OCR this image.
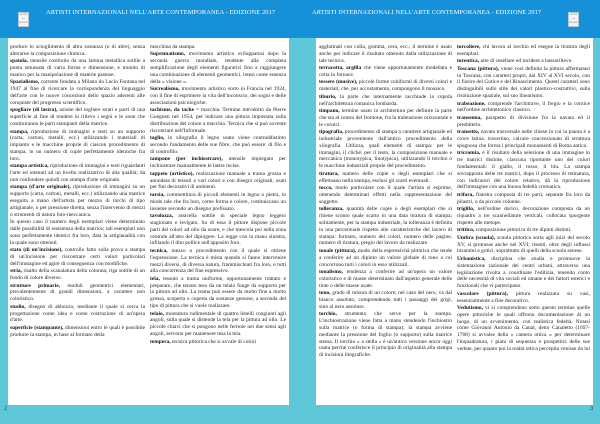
ARTISTI nel MONDO
ARTISTI INTERNAZIONALI NELL'ARTE CONTEMPORANEA - EDIZIONE 2017	ARTISTI INTERNAZIONALI NELL'ARTE CONTEMPORANEA - EDIZIONE 2017	ARTISTI nel MONDO
produce lo scioglimento di altra sostanza (o di altre), senza alterarne la composizione chimica.
spatola, utensile costituito da una lamina metallica sottile a punta smussata di varia forma e dimensione, e munito di manico per la manipolazione di materie pastose.
Spazialismo, corrente fondata a Milano da Lucio Fontana nel 1947 al fine di ricercare la corrispondenza del linguaggio dell'arte con le nuove concezioni dello spazio aderenti alle conquiste del progresso scientifico.
spogliare (di lastra), azione del togliere strati e parti di una superficie al fine di rendere in rilievo i segni e le zone che costituiranno le parti stampanti della matrice.
stampa, riproduzione di immagini e testi su un supporto (carta, cartoni, metalli, ecc.) utilizzando i materiali di impianto e le macchine proprie di ciascun procedimento di stampa, in un numero di copie perfettamente identiche fra loro.
stampa artistica, riproduzione di immagini e testi riguardanti l'arte ed ottenuti ad un livello realizzativo di alta qualità; da non confondere quindi con stampa d'arte originale.
stampa (d'arte originale), riproduzione di immagini su un supporto (carta, cartoni, metalli, ecc.) utilizzando una matrice eseguita a mano dell'artista per mezzo di torchi di tipo artigianale, o per pressione diretta, senza l'intervento di mezzi o strumenti di natura foto-meccanica.
In questo caso il numero degli esemplari viene determinato dalle possibilità di resistenza della matrice; tali esemplari non sono perfettamente identici fra loro, data la artigianalità con la quale sono ottenuti.
stato (di un'incisione), controllo fatto sulla prova a stampa di un'incisione per riscontrare certi valori particolari dell'immagine ed agire di conseguenza con modifiche.
stria, risalto della scanalatura della colonna; riga sottile di un fondo di colore diverso.
strutture primarie, moduli geometrici elementari, prevalentemente di grandi dimensioni, a carattere non coloristico.
studio, disegno di abbozzo, mediante il quale si cerca la progettazione come idea e come costruzione di un'opera d'arte.
superficie (stampante), dimensioni entro le quali è possibile produrre la stampa, in base al formato della
macchina da stampa.
Suprematismo, movimento artistico sviluppatosi dopo la seconda guerra mondiale, tendente alla completa semplificazione degli elementi figurativi fino a raggiungere una combinazione di elementi geometrici, intesi come essenza della « visione ».
Surrealismo, movimento artistico sorto in Francia nel 1924, con il fine di esprimere la vita dell'inconscio, dei sogni e delle associazioni psicologiche.
tachisme, da tache = macchia. Termine introdotto da Pierre Guéguen nel 1954, per indicare una pittura impostata sulla distribuzione del colore a macchia. Tecnica che si può sovente riscontrare nell'Informale.
taglio, in xilografia il legno usato viene contraddistinto secondo l'andamento delle sue fibre, che può essere: di filo e di controfilo.
tampone (per inchiostrare), utensile impiegato per inchiostrare manualmente le lastre incise.
tappeto (artistico), realizzazione manuale a trama grossa e annodata di tessuti a vari colori e con disegni originali, usati per fini decorativi di ambienti.
tarsia, commettitura di piccoli elementi in legno o pietra, in modo tale che fra loro, come forma e colore, costituiscano un insieme secondo un disegno prefissato.
tavolozza, assicella sottile in speciale legno leggero stagionato e levigato. Su di essa il pittore dispone piccole parti dei colori ad olio da usare, e che mescola poi nella zona centrale all'atto del dipingere. La regge con la mano sinistra, infilando il dito pollice nell'apposito foro.
tecnica, mezzo o procedimento con il quale si ottiene l'espressione. La tecnica è mista quando si fanno intervenire mezzi diversi, di diversa natura, frammischiati fra loro, e tutti alla concorrenza del fine espressivo.
tela, tessuto a trama uniforme, opportunamente trattato e preparato, che tenuto teso da un telaio funge da supporto per la pittura ad olio. La trama può essere da molto fine a molto grossa, scoperta o coperta da sostanze gessose, a seconda del tipo di pittura che si vuole realizzare.
telaio, montatura rudimentale di quattro listelli congiunti agli angoli, sulla quale si distende la tela per la pittura ad olio. Le piccole chiavi che si pongono nelle feritoie nei due sensi agli angoli, servono per mantenere tesa la tela.
tempera, tecnica pittorica che si avvale di colori
agglutinati con colla, gomma, cera, ecc.; il termine è usato anche per indicare il risultato ottenuto dalla utilizzazione di tale tecnica.
terracotta, argilla che viene opportunamente modellata e cotta in fornace.
tessere (musive), piccole forme cubiformi di diversi colori e materiali, che, per accostamento, compongono il mosaico.
tiburio, la parte che internamente racchiude la cupola nell'architettura romanica lombarda.
timpano, termine usato in architettura per definire la parte che sta al centro del frontone, fra la trabeazione orizzontale e le cornici.
tipografia, procedimento di stampa a carattere artigianale ed industriale proveniente dall'antico procedimento della xilografia. Utilizza, quali elementi di stampa: per le immagini, il cliché; per il testo, la composizione manuale e meccanica (monotypica, linotypica), utilizzando il torchio o le macchine industriali proprie del procedimento.
tiratura, numero delle copie o degli esemplari che si effettuano nella stampa, esclusi gli scarti eventuali.
tocco, modo particolare con il quale l'artista si esprime, ottenendo determinati effetti nella rappresentazione del soggetto.
tolleranza, quantità delle copie o degli esemplari che si ritiene sconto quale scarto in una data tiratura di stampa; solitamente, per la stampa industriale, la tolleranza è definita in una percentuale rispetto alle caratteristiche del lavoro di stampa: formato, numero dei colori, numero delle pagine, numero di tiratura, pregio del lavoro da realizzare.
tonale (pittura), modo della espressività pittorica che tende a conferire ad un dipinto un valore globale di tono a cui concorrono tutti i colori in esso utilizzati.
tonalismo, tendenza a conferire ad un'opera un valore coloristico e di masse determinato dall'aspetto generale delle tinte o delle masse usate.
tono, grado di misura di un colore; nel caso del nero, va dal bianco assoluto, comprendendo tutti i passaggi dei grigi, sino al nero assoluto.
torchio, strumento che serve per la stampa. L'inchiostrazione viene fatta a mano stendendo l'inchiostro sulla matrice (o forma di stampa); la stampa avviene mediante la pressione del foglio (o supporto) sulla matrice stessa. Il torchio « a stella » è un'antica versione ancor oggi usata perché conferisce il principio di originalità alla stampa di incisioni litografiche.
torcoliere, chi lavora al torchio ed esegue la tiratura degli esemplari.
toreutica, arte di cesellare ed incidere a bassorilievo.
Toscana (pittura), viene così definita la pittura affermatasi in Toscana, con caratteri propri, dal XIV al XVI secolo, con il fiorire del Gotico e del Rinascimento. Questi caratteri sono distinguibili sullo stile dei valori plastico-costruttivi, sulla risoluzione spaziale, sul suo linearismo.
trabeazione, comprende l'architrave, il fregio e la cornice nell'ordine architettonico classico.
transenna, parapetto di divisione fra la navata ed il presbiterio.
transetto, navata trasversale nelle chiese in cui la pianta è a croce latina. travertino, calcare concrezionato di struttura spugnosa che forma i principali monumenti di Roma antica.
tricromia, è il risultato della selezione di una immagine in tre matrici distinte, ciascuna riportante uno dei colori fondamentali: il giallo, il rosso, il blu. La stampa sovrapposta delle tre matrici, dopo il processo di retinatura, con indicatori del colore relativo, dà la riproduzione dell'immagine con una buona fedeltà cromatica.
trifora, finestra composta di tre parti, separate fra loro da pilastri, o da piccole colonne.
triglifo, nell'ordine dorico, decorazione composta da un riquadro a tre scannellature verticali, collocata sporgente rispetto alle metope.
trittico, composizione pittorica di tre dipinti distinti.
Umbra (scuola), scuola pittorica sorta agli inizi del secolo XV, si protrasse anche nel XVI; risentì, oltre degli influssi bizantini e gotici, soprattutto di quelli della scuola senese.
Urbanistica, disciplina che studia e promuove la sistemazione razionale dei centri urbani, attraverso una legislazione rivolta a coordinare l'edilizia, tenendo conto delle necessità di vita sociali ed umane e dei fattori estetici e funzionali che vi partecipano.
vascolare (pittura), pittura realizzata su vasi, essenzialmente a fine decorativo.
Vedutismo, vi si comprendono sotto questo termine quelle opere pittoriche le quali offrono documentazione di un luogo, di un avvenimento, con realistica fedeltà. Notasi come Giovanni Antonio da Canal, detto Canaletto (1697-1768) si avvalse della « camera ottica » per determinare l'inquadratura, i piani di sequenza e prospettici delle sue vedute, per quanto poi la realtà ottica percepita venisse da lui
2	3
